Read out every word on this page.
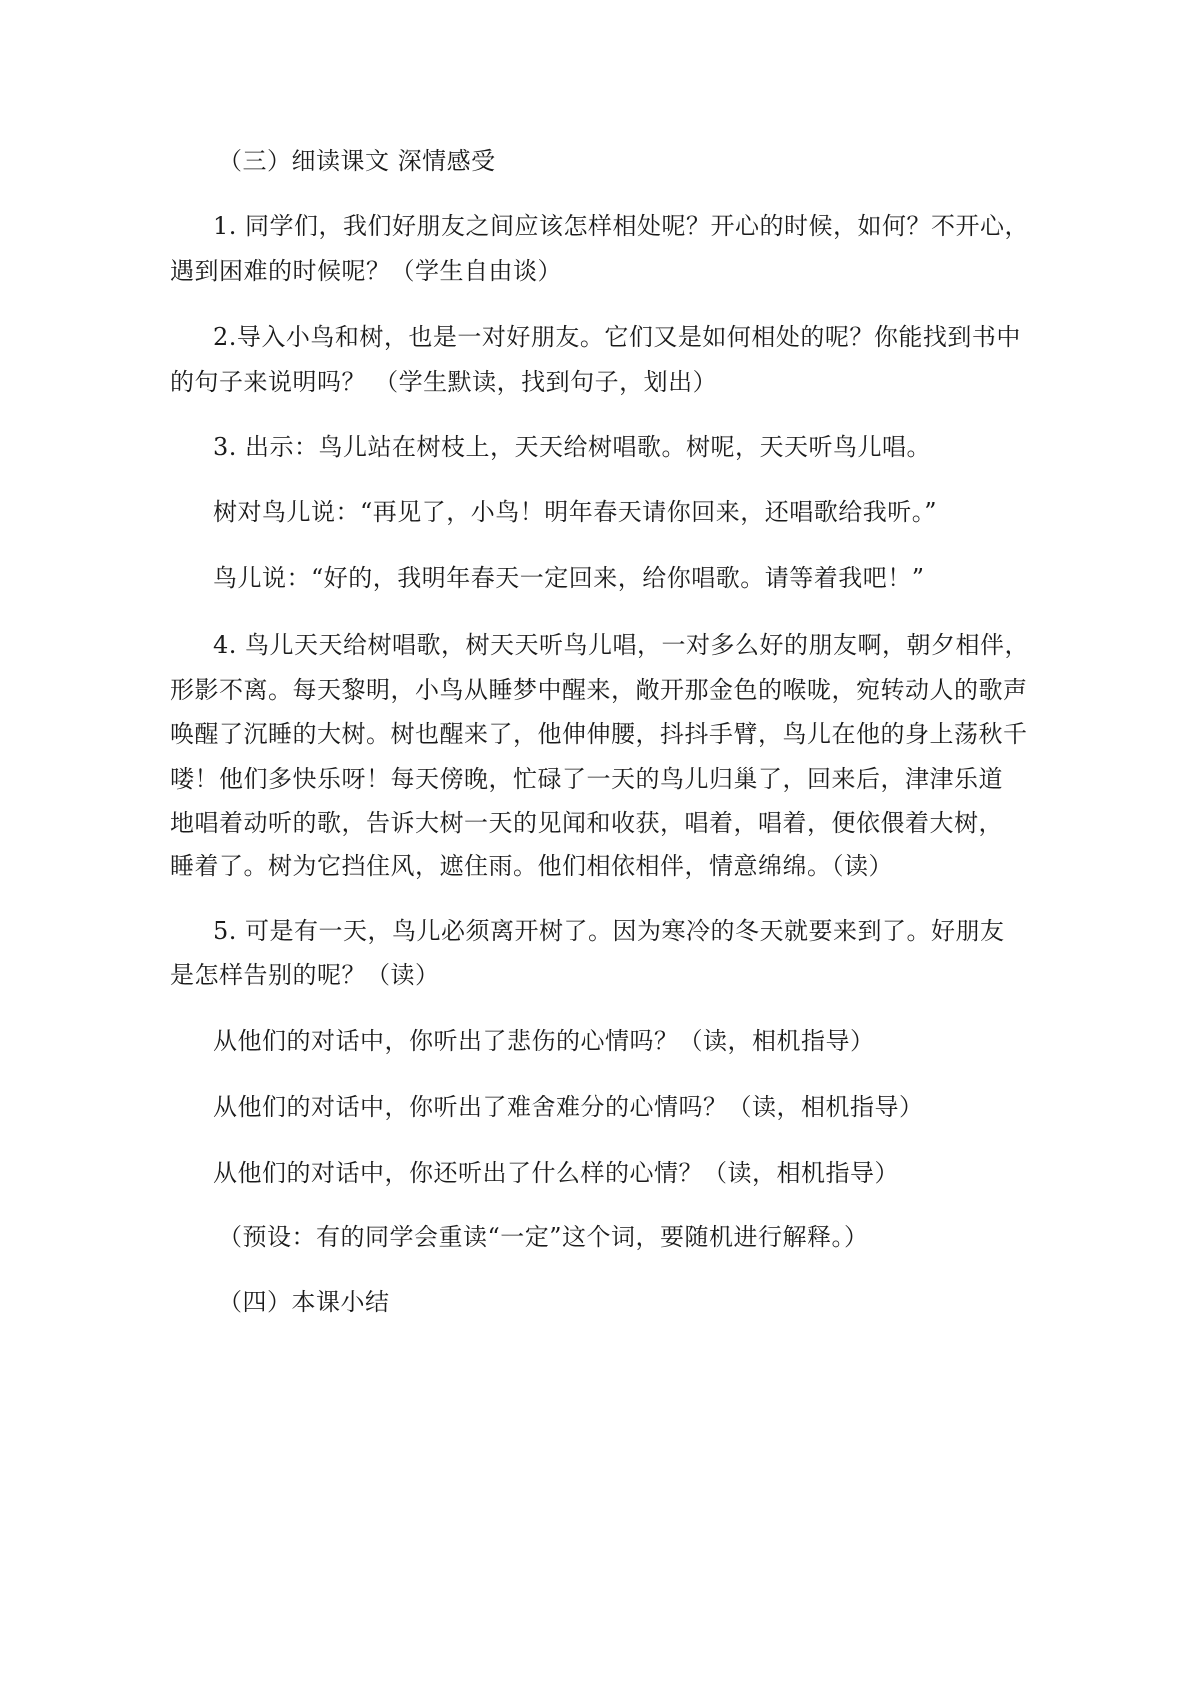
（三）细读课文 深情感受
1. 同学们，我们好朋友之间应该怎样相处呢？开心的时候，如何？不开心，
遇到困难的时候呢？（学生自由谈）
2.导入小鸟和树，也是一对好朋友。它们又是如何相处的呢？你能找到书中
的句子来说明吗？ （学生默读，找到句子，划出）
3. 出示：鸟儿站在树枝上，天天给树唱歌。树呢，天天听鸟儿唱。
树对鸟儿说：“再见了，小鸟！明年春天请你回来，还唱歌给我听。”
鸟儿说：“好的，我明年春天一定回来，给你唱歌。请等着我吧！”
4. 鸟儿天天给树唱歌，树天天听鸟儿唱，一对多么好的朋友啊，朝夕相伴，
形影不离。每天黎明，小鸟从睡梦中醒来，敞开那金色的喉咙，宛转动人的歌声
唤醒了沉睡的大树。树也醒来了，他伸伸腰，抖抖手臂，鸟儿在他的身上荡秋千
喽！他们多快乐呀！每天傍晚，忙碌了一天的鸟儿归巢了，回来后，津津乐道
地唱着动听的歌，告诉大树一天的见闻和收获，唱着，唱着，便依偎着大树，
睡着了。树为它挡住风，遮住雨。他们相依相伴，情意绵绵。（读）
5. 可是有一天，鸟儿必须离开树了。因为寒冷的冬天就要来到了。好朋友
是怎样告别的呢？（读）
从他们的对话中，你听出了悲伤的心情吗？（读，相机指导）
从他们的对话中，你听出了难舍难分的心情吗？（读，相机指导）
从他们的对话中，你还听出了什么样的心情？（读，相机指导）
（预设：有的同学会重读“一定”这个词，要随机进行解释。）
（四）本课小结
